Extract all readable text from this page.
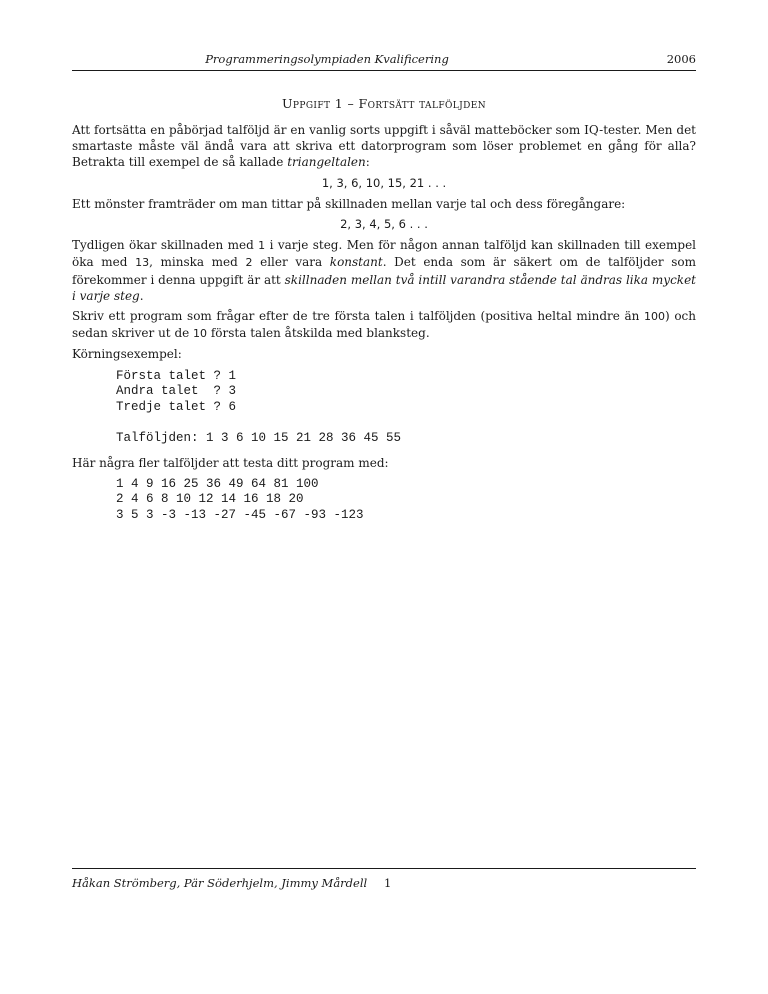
Programmeringsolympiaden Kvalificering	2006
Uppgift 1 – Fortsätt talföljden

Att fortsätta en påbörjad talföljd är en vanlig sorts uppgift i såväl matteböcker som IQ-tester. Men det smartaste måste väl ändå vara att skriva ett datorprogram som löser problemet en gång för alla? Betrakta till exempel de så kallade triangeltalen:

1, 3, 6, 10, 15, 21 . . .

Ett mönster framträder om man tittar på skillnaden mellan varje tal och dess föregångare:

2, 3, 4, 5, 6 . . .

Tydligen ökar skillnaden med 1 i varje steg. Men för någon annan talföljd kan skillnaden till exempel öka med 13, minska med 2 eller vara konstant. Det enda som är säkert om de talföljder som förekommer i denna uppgift är att skillnaden mellan två intill varandra stående tal ändras lika mycket i varje steg.

Skriv ett program som frågar efter de tre första talen i talföljden (positiva heltal mindre än 100) och sedan skriver ut de 10 första talen åtskilda med blanksteg.

Körningsexempel:

Första talet ? 1
Andra talet  ? 3
Tredje talet ? 6
Talföljden: 1 3 6 10 15 21 28 36 45 55

Här några fler talföljder att testa ditt program med:

1 4 9 16 25 36 49 64 81 100
2 4 6 8 10 12 14 16 18 20
3 5 3 -3 -13 -27 -45 -67 -93 -123
Håkan Strömberg, Pär Söderhjelm, Jimmy Mårdell 1
